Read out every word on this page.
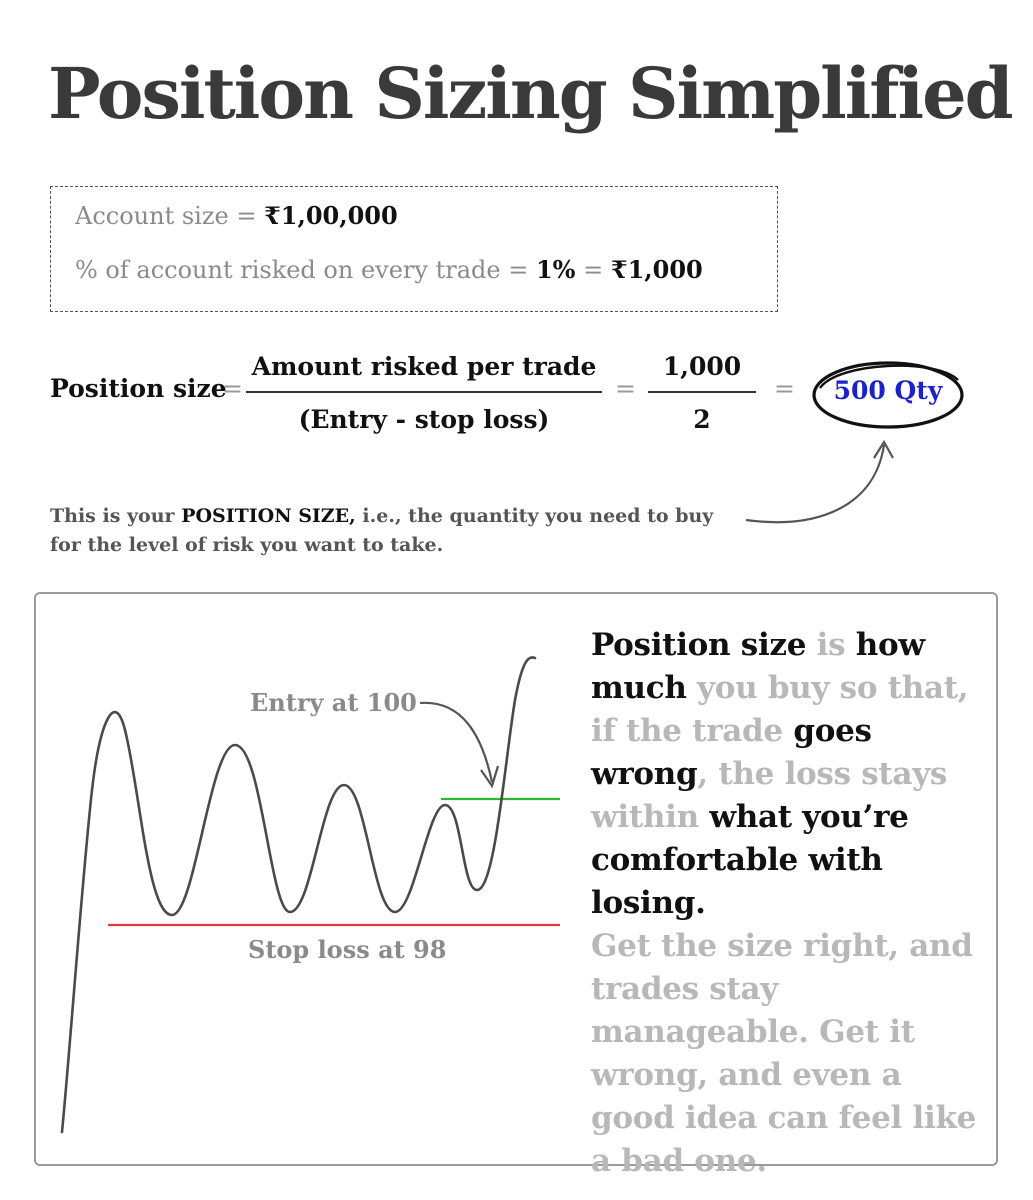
Position Sizing Simplified
Account size = ₹1,00,000
% of account risked on every trade = 1% = ₹1,000
Position size
=
Amount risked per trade
(Entry - stop loss)
=
1,000
2
=	500 Qty
This is your POSITION SIZE, i.e., the quantity you need to buy for the level of risk you want to take.
Entry at 100
Stop loss at 98
Position size is how much you buy so that, if the trade goes wrong, the loss stays within what you’re comfortable with losing.
Get the size right, and trades stay manageable. Get it wrong, and even a good idea can feel like a bad one.
